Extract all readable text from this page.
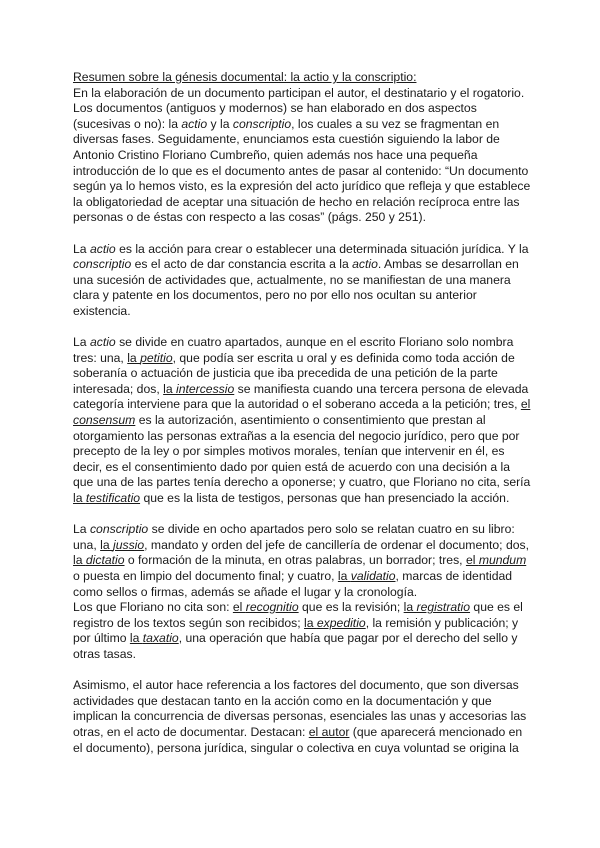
Resumen sobre la génesis documental: la actio y la conscriptio:
En la elaboración de un documento participan el autor, el destinatario y el rogatorio.
Los documentos (antiguos y modernos) se han elaborado en dos aspectos
(sucesivas o no): la actio y la conscriptio, los cuales a su vez se fragmentan en
diversas fases. Seguidamente, enunciamos esta cuestión siguiendo la labor de
Antonio Cristino Floriano Cumbreño, quien además nos hace una pequeña
introducción de lo que es el documento antes de pasar al contenido: “Un documento
según ya lo hemos visto, es la expresión del acto jurídico que refleja y que establece
la obligatoriedad de aceptar una situación de hecho en relación recíproca entre las
personas o de éstas con respecto a las cosas” (págs. 250 y 251).
La actio es la acción para crear o establecer una determinada situación jurídica. Y la
conscriptio es el acto de dar constancia escrita a la actio. Ambas se desarrollan en
una sucesión de actividades que, actualmente, no se manifiestan de una manera
clara y patente en los documentos, pero no por ello nos ocultan su anterior
existencia.
La actio se divide en cuatro apartados, aunque en el escrito Floriano solo nombra
tres: una, la petitio, que podía ser escrita u oral y es definida como toda acción de
soberanía o actuación de justicia que iba precedida de una petición de la parte
interesada; dos, la intercessio se manifiesta cuando una tercera persona de elevada
categoría interviene para que la autoridad o el soberano acceda a la petición; tres, el
consensum es la autorización, asentimiento o consentimiento que prestan al
otorgamiento las personas extrañas a la esencia del negocio jurídico, pero que por
precepto de la ley o por simples motivos morales, tenían que intervenir en él, es
decir, es el consentimiento dado por quien está de acuerdo con una decisión a la
que una de las partes tenía derecho a oponerse; y cuatro, que Floriano no cita, sería
la testificatio que es la lista de testigos, personas que han presenciado la acción.
La conscriptio se divide en ocho apartados pero solo se relatan cuatro en su libro:
una, la jussio, mandato y orden del jefe de cancillería de ordenar el documento; dos,
la dictatio o formación de la minuta, en otras palabras, un borrador; tres, el mundum
o puesta en limpio del documento final; y cuatro, la validatio, marcas de identidad
como sellos o firmas, además se añade el lugar y la cronología.
Los que Floriano no cita son: el recognitio que es la revisión; la registratio que es el
registro de los textos según son recibidos; la expeditio, la remisión y publicación; y
por último la taxatio, una operación que había que pagar por el derecho del sello y
otras tasas.
Asimismo, el autor hace referencia a los factores del documento, que son diversas
actividades que destacan tanto en la acción como en la documentación y que
implican la concurrencia de diversas personas, esenciales las unas y accesorias las
otras, en el acto de documentar. Destacan: el autor (que aparecerá mencionado en
el documento), persona jurídica, singular o colectiva en cuya voluntad se origina la
